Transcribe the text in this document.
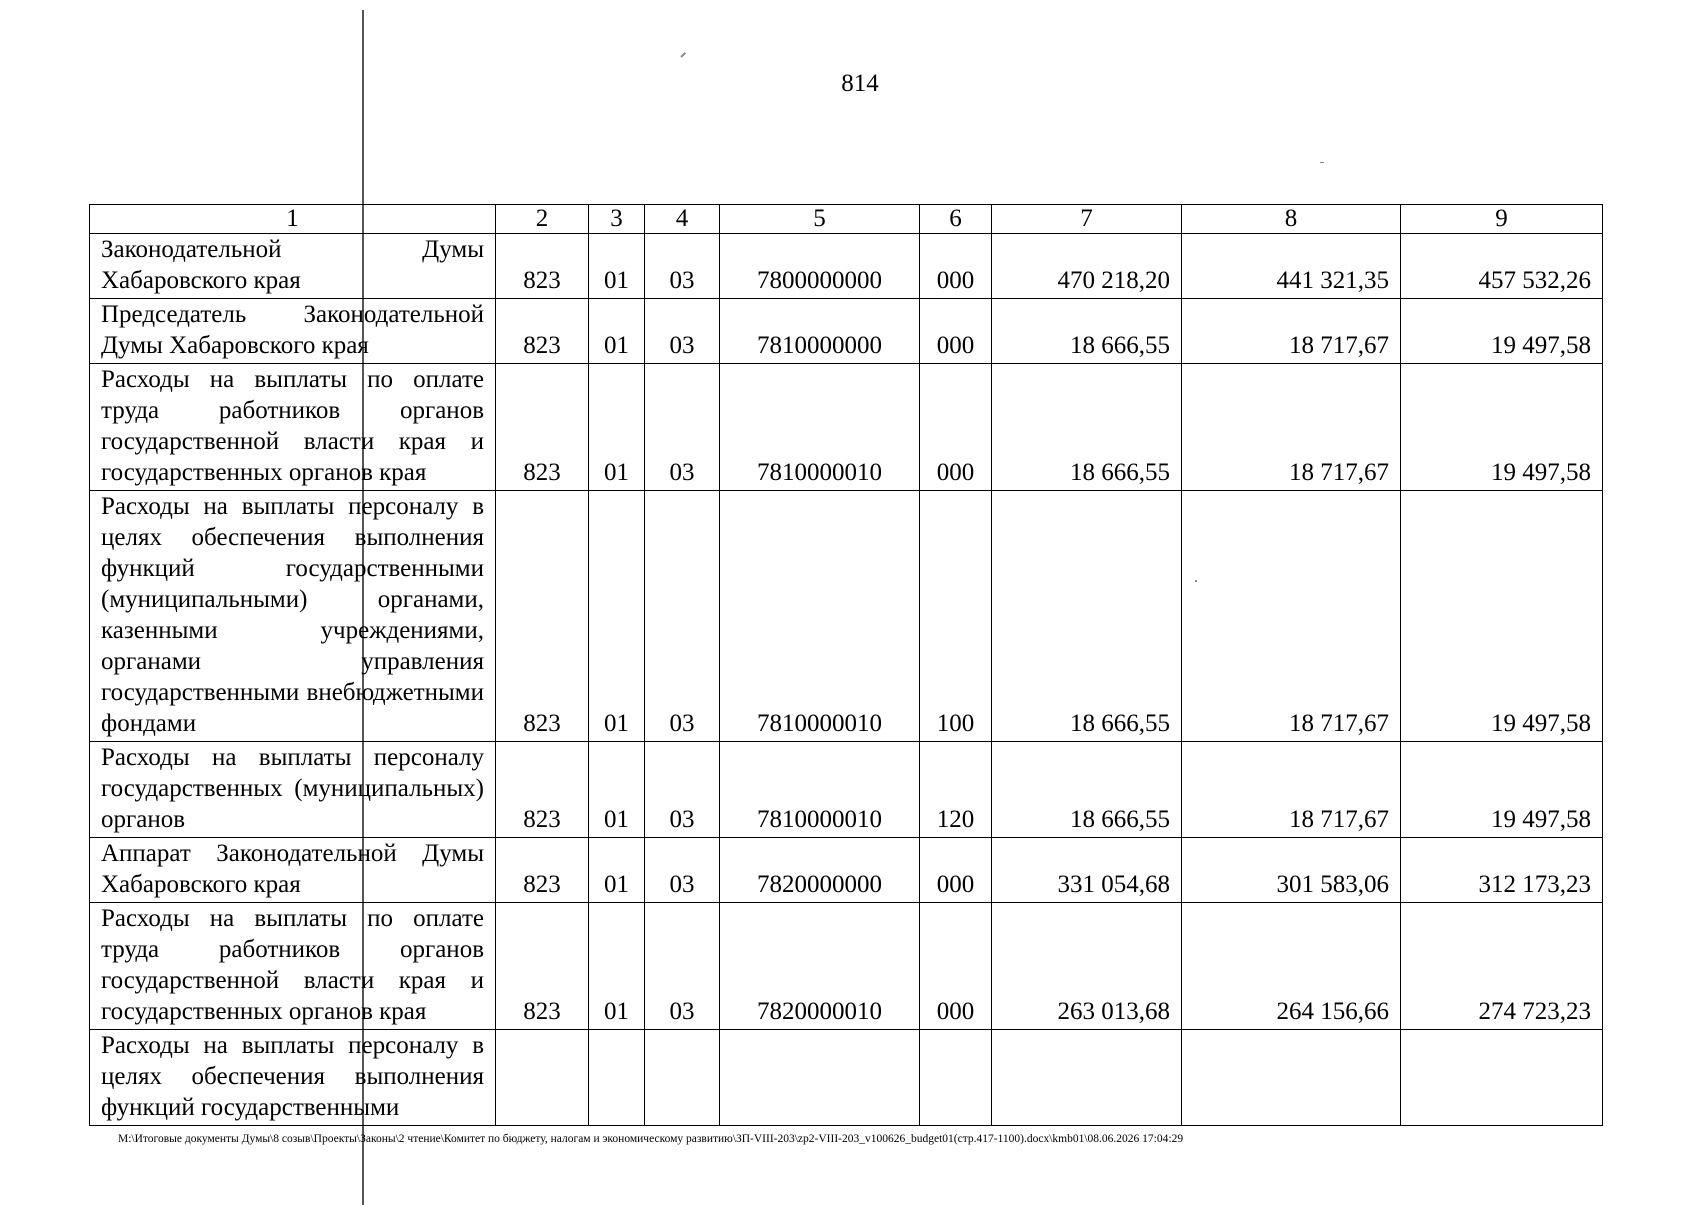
814
1	2	3	4	5	6	7	8	9
Законодательной Думы Хабаровского края	823	01	03	7800000000	000	470 218,20	441 321,35	457 532,26
Председатель Законодательной Думы Хабаровского края	823	01	03	7810000000	000	18 666,55	18 717,67	19 497,58
Расходы на выплаты по оплате труда работников органов государственной власти края и государственных органов края	823	01	03	7810000010	000	18 666,55	18 717,67	19 497,58
Расходы на выплаты персоналу в целях обеспечения выполнения функций государственными (муниципальными) органами, казенными учреждениями, органами управления государственными внебюджетными фондами	823	01	03	7810000010	100	18 666,55	18 717,67	19 497,58
Расходы на выплаты персоналу государственных (муниципальных) органов	823	01	03	7810000010	120	18 666,55	18 717,67	19 497,58
Аппарат Законодательной Думы Хабаровского края	823	01	03	7820000000	000	331 054,68	301 583,06	312 173,23
Расходы на выплаты по оплате труда работников органов государственной власти края и государственных органов края	823	01	03	7820000010	000	263 013,68	264 156,66	274 723,23
Расходы на выплаты персоналу в целях обеспечения выполнения функций государственными								
M:\Итоговые документы Думы\8 созыв\Проекты\Законы\2 чтение\Комитет по бюджету, налогам и экономическому развитию\ЗП-VIII-203\zp2-VIII-203_v100626_budget01(стр.417-1100).docx\kmb01\08.06.2026 17:04:29
